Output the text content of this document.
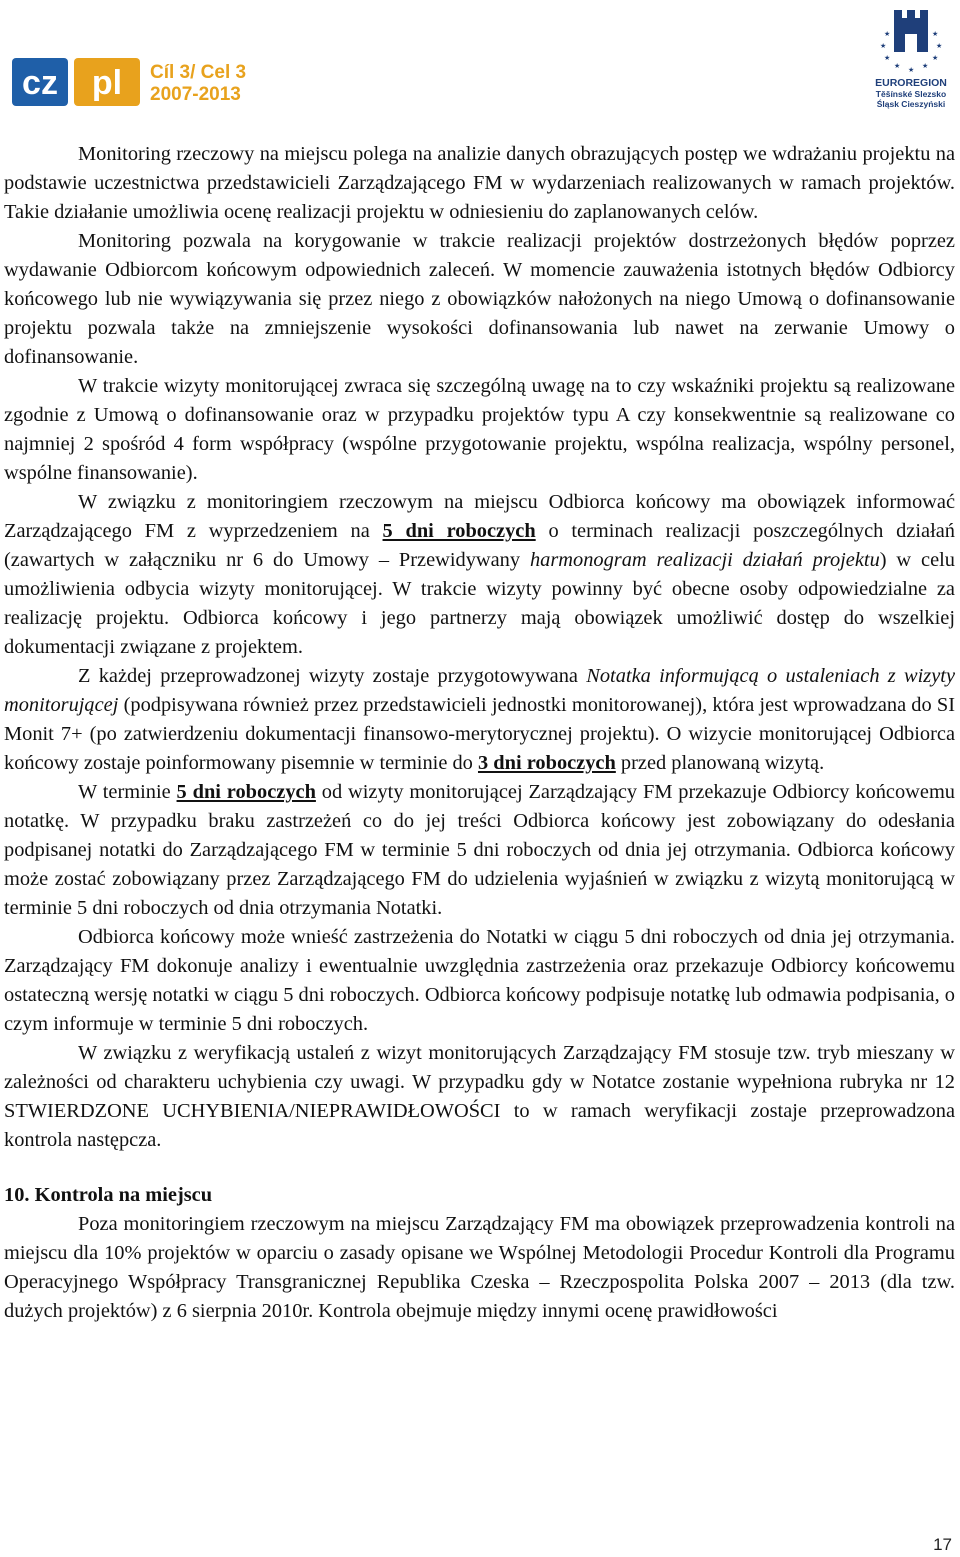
cz pl Cíl 3/ Cel 3
2007-2013
★	★
★	★
★	★
★	★
★
EUROREGION
Těšínské Slezsko
Śląsk Cieszyński

Monitoring rzeczowy na miejscu polega na analizie danych obrazujących postęp we wdrażaniu projektu na podstawie uczestnictwa przedstawicieli Zarządzającego FM w wydarzeniach realizowanych w ramach projektów. Takie działanie umożliwia ocenę realizacji projektu w odniesieniu do zaplanowanych celów.

Monitoring pozwala na korygowanie w trakcie realizacji projektów dostrzeżonych błędów poprzez wydawanie Odbiorcom końcowym odpowiednich zaleceń. W momencie zauważenia istotnych błędów Odbiorcy końcowego lub nie wywiązywania się przez niego z obowiązków nałożonych na niego Umową o dofinansowanie projektu pozwala także na zmniejszenie wysokości dofinansowania lub nawet na zerwanie Umowy o dofinansowanie.

W trakcie wizyty monitorującej zwraca się szczególną uwagę na to czy wskaźniki projektu są realizowane zgodnie z Umową o dofinansowanie oraz w przypadku projektów typu A czy konsekwentnie są realizowane co najmniej 2 spośród 4 form współpracy (wspólne przygotowanie projektu, wspólna realizacja, wspólny personel, wspólne finansowanie).

W związku z monitoringiem rzeczowym na miejscu Odbiorca końcowy ma obowiązek informować Zarządzającego FM z wyprzedzeniem na 5 dni roboczych o terminach realizacji poszczególnych działań (zawartych w załączniku nr 6 do Umowy – Przewidywany harmonogram realizacji działań projektu) w celu umożliwienia odbycia wizyty monitorującej. W trakcie wizyty powinny być obecne osoby odpowiedzialne za realizację projektu. Odbiorca końcowy i jego partnerzy mają obowiązek umożliwić dostęp do wszelkiej dokumentacji związane z projektem.

Z każdej przeprowadzonej wizyty zostaje przygotowywana Notatka informującą o ustaleniach z wizyty monitorującej (podpisywana również przez przedstawicieli jednostki monitorowanej), która jest wprowadzana do SI Monit 7+ (po zatwierdzeniu dokumentacji finansowo-merytorycznej projektu). O wizycie monitorującej Odbiorca końcowy zostaje poinformowany pisemnie w terminie do 3 dni roboczych przed planowaną wizytą.

W terminie 5 dni roboczych od wizyty monitorującej Zarządzający FM przekazuje Odbiorcy końcowemu notatkę. W przypadku braku zastrzeżeń co do jej treści Odbiorca końcowy jest zobowiązany do odesłania podpisanej notatki do Zarządzającego FM w terminie 5 dni roboczych od dnia jej otrzymania. Odbiorca końcowy może zostać zobowiązany przez Zarządzającego FM do udzielenia wyjaśnień w związku z wizytą monitorującą w terminie 5 dni roboczych od dnia otrzymania Notatki.

Odbiorca końcowy może wnieść zastrzeżenia do Notatki w ciągu 5 dni roboczych od dnia jej otrzymania. Zarządzający FM dokonuje analizy i ewentualnie uwzględnia zastrzeżenia oraz przekazuje Odbiorcy końcowemu ostateczną wersję notatki w ciągu 5 dni roboczych. Odbiorca końcowy podpisuje notatkę lub odmawia podpisania, o czym informuje w terminie 5 dni roboczych.

W związku z weryfikacją ustaleń z wizyt monitorujących Zarządzający FM stosuje tzw. tryb mieszany w zależności od charakteru uchybienia czy uwagi. W przypadku gdy w Notatce zostanie wypełniona rubryka nr 12 STWIERDZONE UCHYBIENIA/NIEPRAWIDŁOWOŚCI to w ramach weryfikacji zostaje przeprowadzona kontrola następcza.

10. Kontrola na miejscu

Poza monitoringiem rzeczowym na miejscu Zarządzający FM ma obowiązek przeprowadzenia kontroli na miejscu dla 10% projektów w oparciu o zasady opisane we Wspólnej Metodologii Procedur Kontroli dla Programu Operacyjnego Współpracy Transgranicznej Republika Czeska – Rzeczpospolita Polska 2007 – 2013 (dla tzw. dużych projektów) z 6 sierpnia 2010r. Kontrola obejmuje między innymi ocenę prawidłowości

17
